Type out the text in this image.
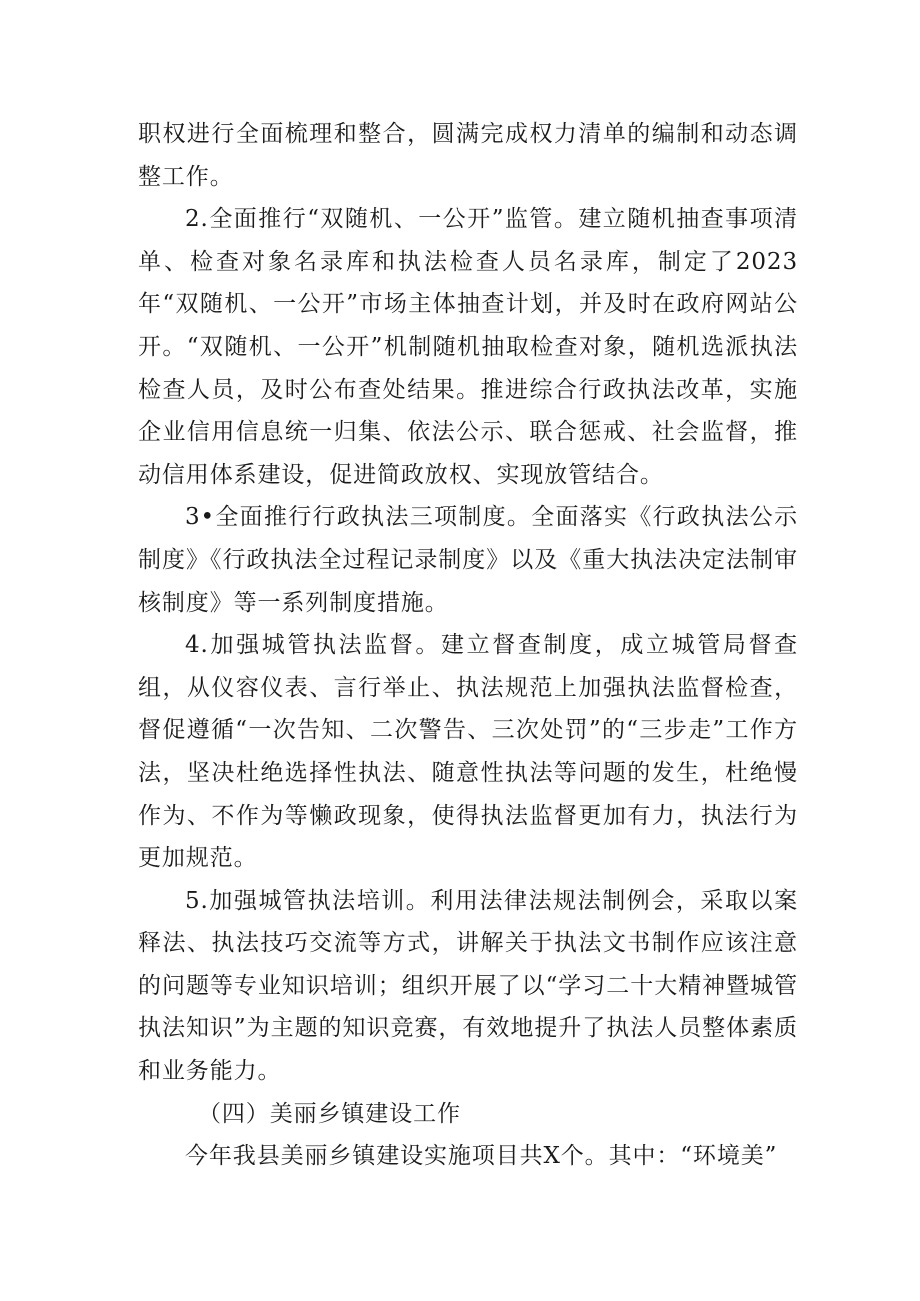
职权进行全面梳理和整合，圆满完成权力清单的编制和动态调整工作。

2.全面推行“双随机、一公开”监管。建立随机抽查事项清单、检查对象名录库和执法检查人员名录库，制定了2023年“双随机、一公开”市场主体抽查计划，并及时在政府网站公开。“双随机、一公开”机制随机抽取检查对象，随机选派执法检查人员，及时公布查处结果。推进综合行政执法改革，实施企业信用信息统一归集、依法公示、联合惩戒、社会监督，推动信用体系建设，促进简政放权、实现放管结合。

3•全面推行行政执法三项制度。全面落实《行政执法公示制度》《行政执法全过程记录制度》以及《重大执法决定法制审核制度》等一系列制度措施。

4.加强城管执法监督。建立督查制度，成立城管局督查组，从仪容仪表、言行举止、执法规范上加强执法监督检查，督促遵循“一次告知、二次警告、三次处罚”的“三步走”工作方法，坚决杜绝选择性执法、随意性执法等问题的发生，杜绝慢作为、不作为等懒政现象，使得执法监督更加有力，执法行为更加规范。

5.加强城管执法培训。利用法律法规法制例会，采取以案释法、执法技巧交流等方式，讲解关于执法文书制作应该注意的问题等专业知识培训；组织开展了以“学习二十大精神暨城管执法知识”为主题的知识竞赛，有效地提升了执法人员整体素质和业务能力。

（四）美丽乡镇建设工作

今年我县美丽乡镇建设实施项目共X个。其中：“环境美”
